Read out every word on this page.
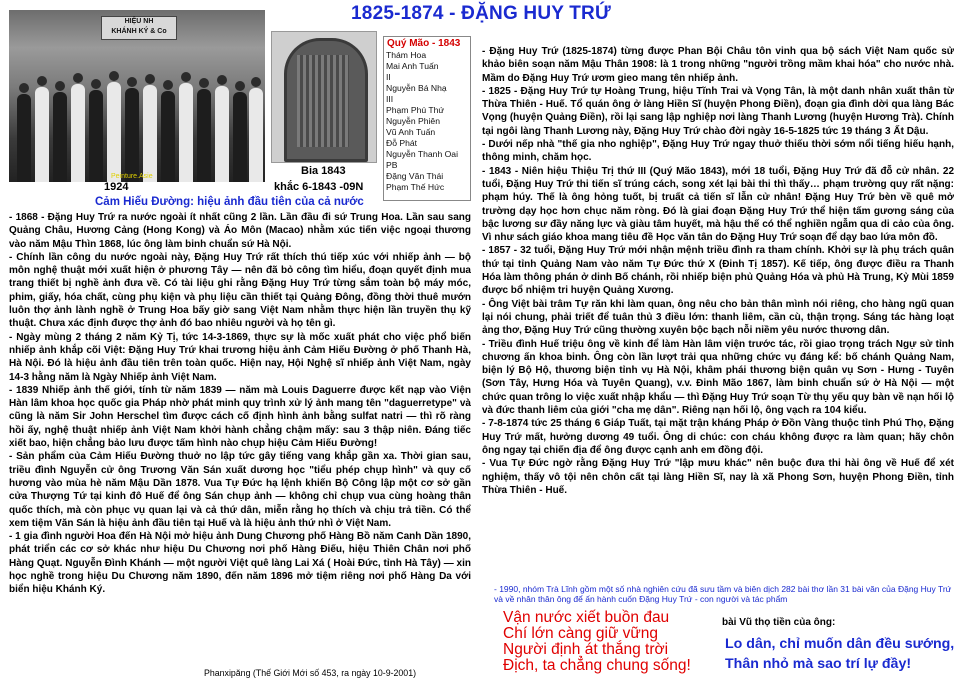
1825-1874 - ĐẶNG HUY TRỨ
HIỆU NH
KHÁNH KÝ & Co
Peinture.Asie
1924
Bia 1843
khắc 6-1843 -09N
Cảm Hiếu Đường: hiệu ảnh đầu tiên của cả nước
Quý Mão - 1843
Thám Hoa
Mai Anh Tuấn
II
Nguyễn Bá Nhạ
III
Phạm Phú Thứ
Nguyễn Phiên
Vũ Anh Tuấn
Đỗ Phát
Nguyễn Thanh Oai
PB
Đặng Văn Thái
Phạm Thế Hức

- 1868 - Đặng Huy Trứ ra nước ngoài ít nhất cũng 2 lần. Lần đầu đi sứ Trung Hoa. Lần sau sang Quảng Châu, Hương Cảng (Hong Kong) và Áo Môn (Macao) nhằm xúc tiến việc ngoại thương vào năm Mậu Thìn 1868, lúc ông làm binh chuẩn sứ Hà Nội.

- Chính lần công du nước ngoài này, Đặng Huy Trứ rất thích thú tiếp xúc với nhiếp ảnh — bộ môn nghệ thuật mới xuất hiện ở phương Tây — nên đã bỏ công tìm hiểu, đoạn quyết định mua trang thiết bị nghề ảnh đưa về. Có tài liệu ghi rằng Đặng Huy Trứ từng sắm toàn bộ máy móc, phim, giấy, hóa chất, cùng phụ kiện và phụ liệu cần thiết tại Quảng Đông, đồng thời thuê mướn luôn thợ ảnh lành nghề ở Trung Hoa bấy giờ sang Việt Nam nhằm thực hiện lần truyền thụ kỹ thuật. Chưa xác định được thợ ảnh đó bao nhiêu người và họ tên gì.

- Ngày mùng 2 tháng 2 năm Kỷ Tị, tức 14-3-1869, thực sự là mốc xuất phát cho việc phổ biến nhiếp ảnh khắp cõi Việt: Đặng Huy Trứ khai trương hiệu ảnh Cảm Hiếu Đường ở phố Thanh Hà, Hà Nội. Đó là hiệu ảnh đầu tiên trên toàn quốc. Hiện nay, Hội Nghệ sĩ nhiếp ảnh Việt Nam, ngày 14-3 hằng năm là Ngày Nhiếp ảnh Việt Nam.

- 1839 Nhiếp ảnh thế giới, tính từ năm 1839 — năm mà Louis Daguerre được kết nạp vào Viện Hàn lâm khoa học quốc gia Pháp nhờ phát minh quy trình xử lý ảnh mang tên "daguerretype" và cũng là năm Sir John Herschel tìm được cách cố định hình ảnh bằng sulfat natri — thì rõ ràng hồi ấy, nghệ thuật nhiếp ảnh Việt Nam khởi hành chẳng chậm mấy: sau 3 thập niên. Đáng tiếc xiết bao, hiện chẳng bảo lưu được tấm hình nào chụp hiệu Cảm Hiếu Đường!

- Sản phẩm của Cảm Hiếu Đường thuở no lập tức gây tiếng vang khắp gần xa. Thời gian sau, triều đình Nguyễn cử ông Trương Văn Sán xuất dương học "tiểu phép chụp hình" và quy cố hương vào mùa hè năm Mậu Dần 1878. Vua Tự Đức hạ lệnh khiến Bộ Công lập một cơ sở gần cửa Thượng Tứ tại kinh đô Huế để ông Sán chụp ảnh — không chỉ chụp vua cùng hoàng thân quốc thích, mà còn phục vụ quan lại và cả thứ dân, miễn rằng họ thích và chịu trả tiền. Có thể xem tiệm Văn Sán là hiệu ảnh đầu tiên tại Huế và là hiệu ảnh thứ nhì ở Việt Nam.

- 1 gia đình người Hoa đến Hà Nội mở hiệu ảnh Dung Chương phố Hàng Bồ năm Canh Dần 1890, phát triển các cơ sở khác như hiệu Du Chương nơi phố Hàng Điếu, hiệu Thiên Chân nơi phố Hàng Quạt. Nguyễn Đình Khánh — một người Việt quê làng Lai Xá ( Hoài Đức, tỉnh Hà Tây) — xin học nghề trong hiệu Du Chương năm 1890, đến năm 1896 mở tiệm riêng nơi phố Hàng Da với biển hiệu Khánh Ký.

Phanxipăng (Thế Giới Mới số 453, ra ngày 10-9-2001)

- Đặng Huy Trứ (1825-1874) từng được Phan Bội Châu tôn vinh qua bộ sách Việt Nam quốc sử khảo biên soạn năm Mậu Thân 1908: là 1 trong những "người trồng mầm khai hóa" cho nước nhà. Mầm do Đặng Huy Trứ ươm gieo mang tên nhiếp ảnh.

- 1825 - Đặng Huy Trứ tự Hoàng Trung, hiệu Tĩnh Trai và Vọng Tân, là một danh nhân xuất thân từ Thừa Thiên - Huế. Tổ quán ông ở làng Hiền Sĩ (huyện Phong Điền), đoạn gia đình dời qua làng Bác Vọng (huyện Quảng Điền), rồi lại sang lập nghiệp nơi làng Thanh Lương (huyện Hương Trà). Chính tại ngôi làng Thanh Lương này, Đặng Huy Trứ chào đời ngày 16-5-1825 tức 19 tháng 3 Ất Dậu.

- Dưới nếp nhà "thế gia nho nghiệp", Đặng Huy Trứ ngay thuở thiếu thời sớm nổi tiếng hiếu hạnh, thông minh, chăm học.

- 1843 - Niên hiệu Thiệu Trị thứ III (Quý Mão 1843), mới 18 tuổi, Đặng Huy Trứ đã đỗ cử nhân. 22 tuổi, Đặng Huy Trứ thi tiến sĩ trúng cách, song xét lại bài thi thì thấy… phạm trường quy rất nặng: phạm húy. Thế là ông hỏng tuốt, bị truất cả tiến sĩ lẫn cử nhân! Đặng Huy Trứ bèn về quê mở trường dạy học hơn chục năm ròng. Đó là giai đoạn Đặng Huy Trứ thể hiện tấm gương sáng của bậc lương sư đầy năng lực và giàu tâm huyết, mà hậu thế có thể nghiền ngẫm qua di cảo của ông. Vì như sách giáo khoa mang tiêu đề Học văn tân do Đặng Huy Trứ soạn để dạy bao lứa môn đồ.

- 1857 - 32 tuổi, Đặng Huy Trứ mới nhận mệnh triều đình ra tham chính. Khởi sự là phụ trách quân thứ tại tỉnh Quảng Nam vào năm Tự Đức thứ X (Đinh Tị 1857). Kế tiếp, ông được điều ra Thanh Hóa làm thông phán ở dinh Bố chánh, rồi nhiếp biện phủ Quảng Hóa và phủ Hà Trung, Kỷ Mùi 1859 được bổ nhiệm tri huyện Quảng Xương.

- Ông Việt bài trâm Tự răn khi làm quan, ông nêu cho bản thân mình nói riêng, cho hàng ngũ quan lại nói chung, phải triết để tuân thủ 3 điều lớn: thanh liêm, cần cù, thận trọng. Sáng tác hàng loạt ảng thơ, Đặng Huy Trứ cũng thường xuyên bộc bạch nỗi niềm yêu nước thương dân.

- Triều đình Huế triệu ông về kinh để làm Hàn lâm viện trước tác, rồi giao trọng trách Ngự sử tỉnh chương ấn khoa binh. Ông còn lần lượt trải qua những chức vụ đáng kể: bố chánh Quảng Nam, biện lý Bộ Hộ, thương biện tỉnh vụ Hà Nội, khâm phái thương biện quân vụ Sơn - Hưng - Tuyên (Sơn Tây, Hưng Hóa và Tuyên Quang), v.v. Đinh Mão 1867, làm binh chuẩn sứ ở Hà Nội — một chức quan trông lo việc xuất nhập khẩu — thì Đặng Huy Trứ soạn Từ thụ yếu quy bàn về nạn hối lộ và đức thanh liêm của giới "cha mẹ dân". Riêng nạn hối lộ, ông vạch ra 104 kiểu.

- 7-8-1874 tức 25 tháng 6 Giáp Tuất, tại mặt trận kháng Pháp ở Đồn Vàng thuộc tỉnh Phú Thọ, Đặng Huy Trứ mất, hưởng dương 49 tuổi. Ông di chúc: con cháu không được ra làm quan; hãy chôn ông ngay tại chiến địa để ông được cạnh anh em đồng đội.

- Vua Tự Đức ngờ rằng Đặng Huy Trứ "lập mưu khác" nên buộc đưa thi hài ông về Huế để xét nghiệm, thấy vô tội nên chôn cất tại làng Hiền Sĩ, nay là xã Phong Sơn, huyện Phong Điền, tỉnh Thừa Thiên - Huế.

- 1990, nhóm Trà Lĩnh gồm một số nhà nghiên cứu đã sưu tầm và biên dịch 282 bài thơ lần 31 bài văn của Đặng Huy Trứ và về nhân thân ông để ấn hành cuốn Đặng Huy Trứ - con người và tác phẩm
Vận nước xiết buồn đau
Chí lớn càng giữ vững
Người định át thắng trời
Địch, ta chẳng chung sống!
bài Vũ thọ tiền của ông:
Lo dân, chỉ muốn dân đều sướng,
Thân nhỏ mà sao trí lự đầy!
